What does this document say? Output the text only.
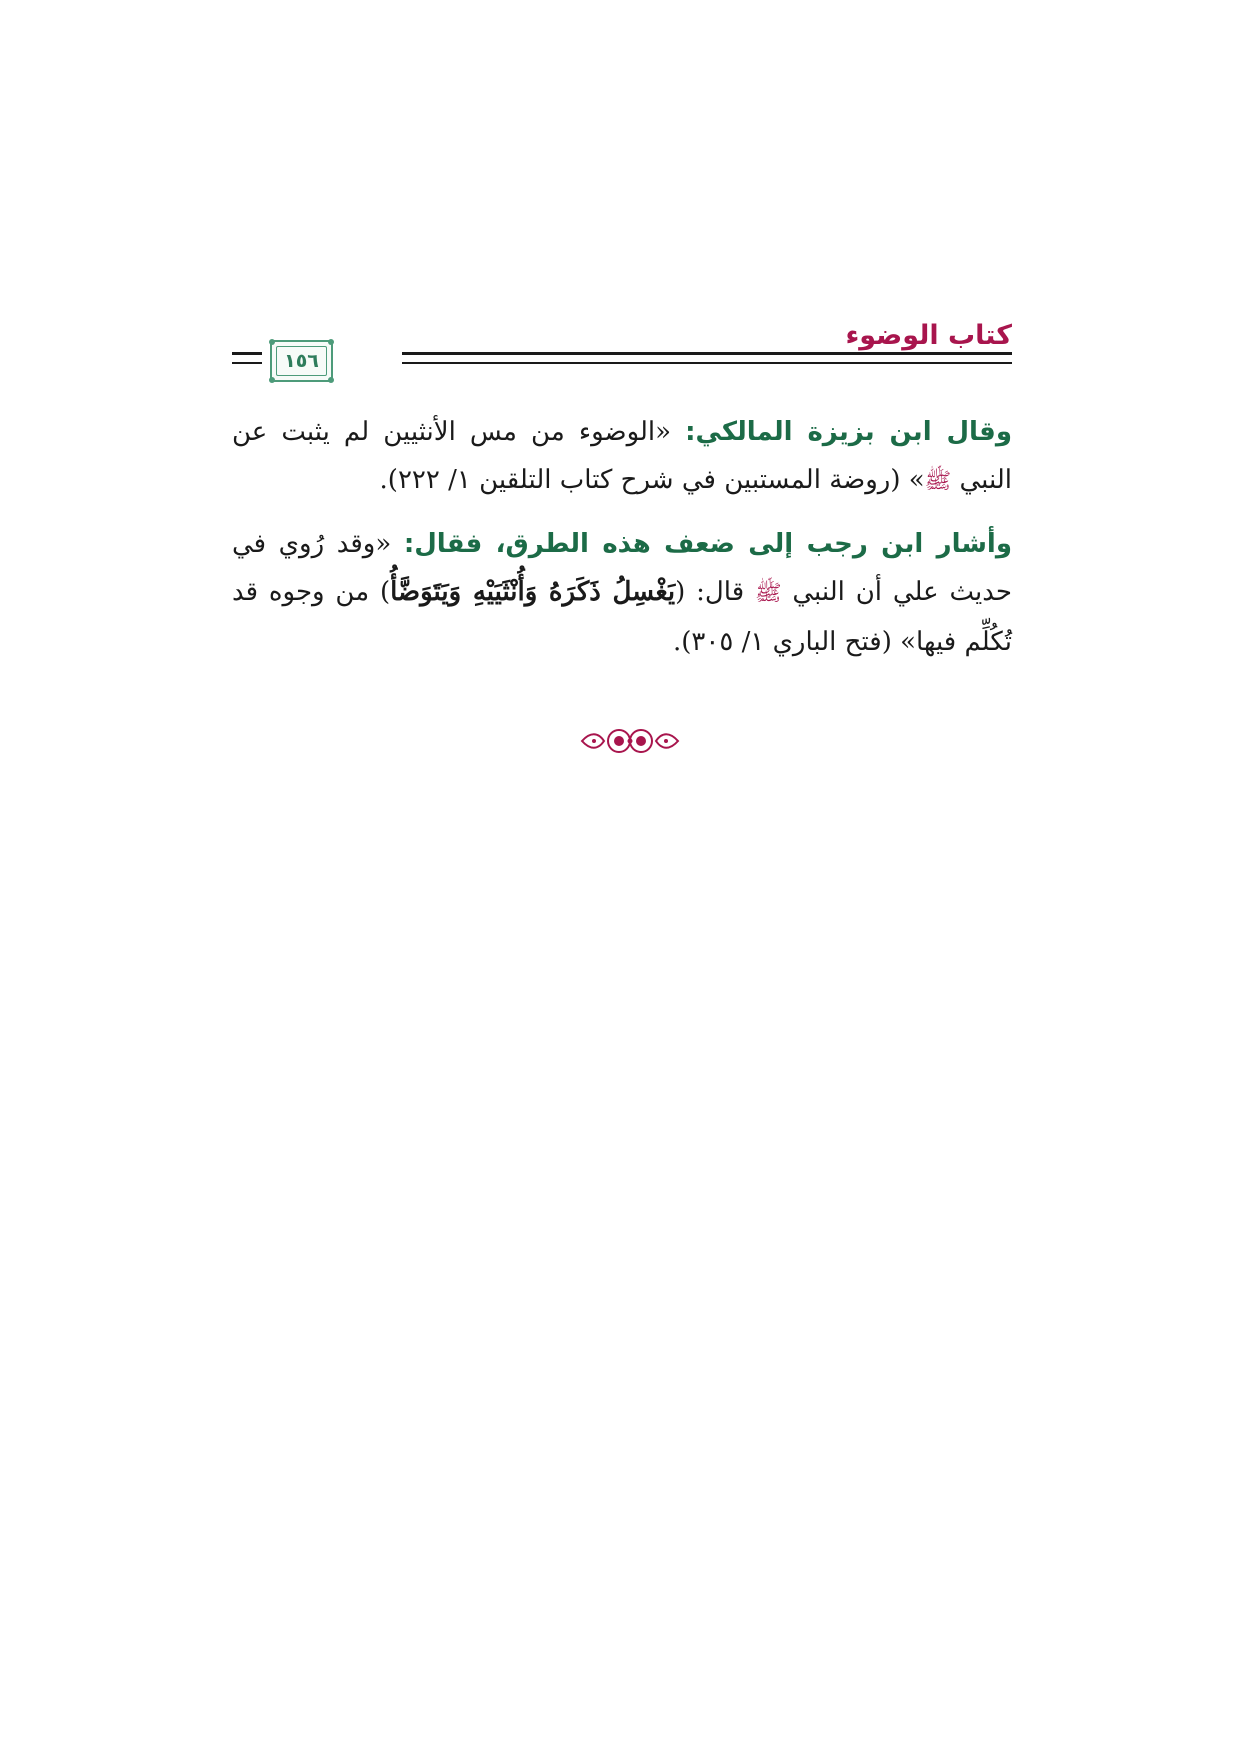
كتاب الوضوء
١٥٦

وقال ابن بزيزة المالكي: «الوضوء من مس الأنثيين لم يثبت عن النبي ﷺ» (روضة المستبين في شرح كتاب التلقين ١/ ٢٢٢).

وأشار ابن رجب إلى ضعف هذه الطرق، فقال: «وقد رُوي في حديث علي أن النبي ﷺ قال: (يَغْسِلُ ذَكَرَهُ وَأُنْثَيَيْهِ وَيَتَوَضَّأُ) من وجوه قد تُكُلِّم فيها» (فتح الباري ١/ ٣٠٥).
